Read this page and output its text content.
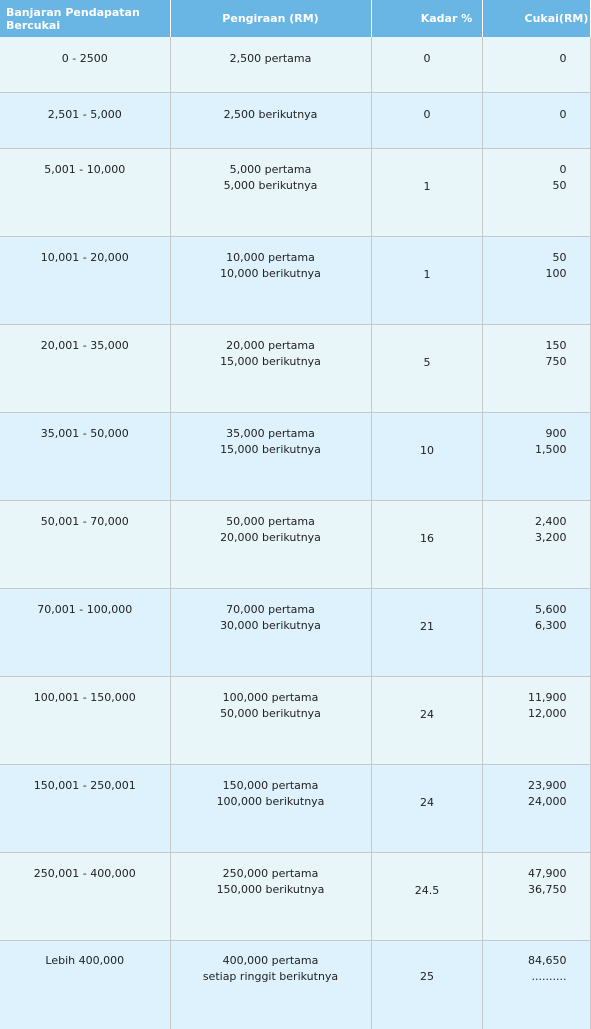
Banjaran Pendapatan Bercukai	Pengiraan (RM)	Kadar %	Cukai(RM)
0 - 2500	2,500 pertama	0	0

2,501 - 5,000	2,500 berikutnya	0	0

5,001 - 10,000	5,000 pertama
5,000 berikutnya	1	0
50

10,001 - 20,000	10,000 pertama
10,000 berikutnya	1	50
100

20,001 - 35,000	20,000 pertama
15,000 berikutnya	5	150
750

35,001 - 50,000	35,000 pertama
15,000 berikutnya	10	900
1,500

50,001 - 70,000	50,000 pertama
20,000 berikutnya	16	2,400
3,200

70,001 - 100,000	70,000 pertama
30,000 berikutnya	21	5,600
6,300

100,001 - 150,000	100,000 pertama
50,000 berikutnya	24	11,900
12,000

150,001 - 250,001	150,000 pertama
100,000 berikutnya	24	23,900
24,000

250,001 - 400,000	250,000 pertama
150,000 berikutnya	24.5	47,900
36,750

Lebih 400,000	400,000 pertama
setiap ringgit berikutnya	25	84,650
..........
